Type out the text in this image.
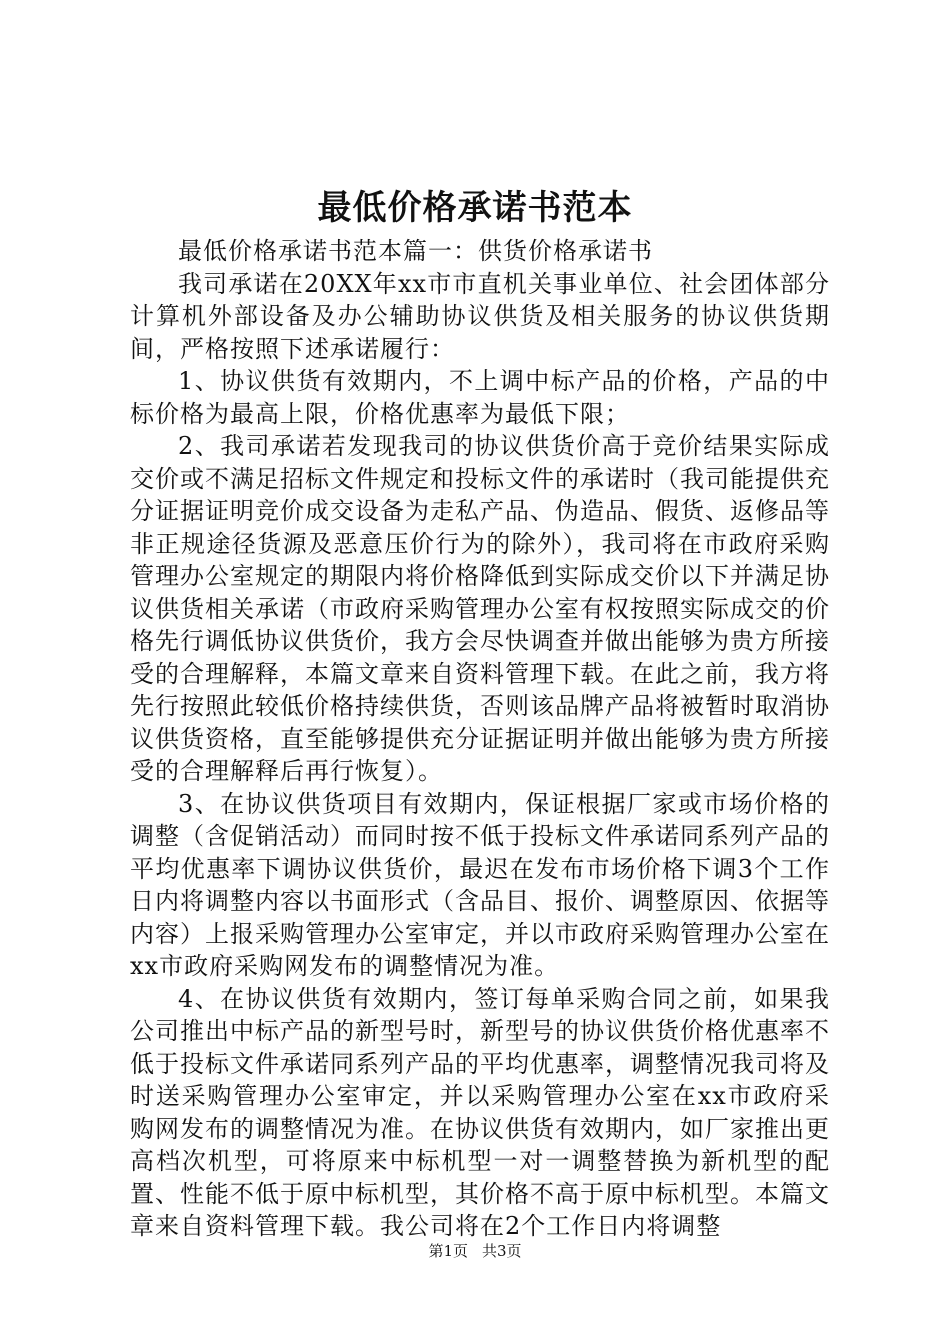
最低价格承诺书范本

最低价格承诺书范本篇一：供货价格承诺书

我司承诺在20XX年xx市市直机关事业单位、社会团体部分计算机外部设备及办公辅助协议供货及相关服务的协议供货期间，严格按照下述承诺履行：

1、协议供货有效期内，不上调中标产品的价格，产品的中标价格为最高上限，价格优惠率为最低下限；

2、我司承诺若发现我司的协议供货价高于竞价结果实际成交价或不满足招标文件规定和投标文件的承诺时（我司能提供充分证据证明竞价成交设备为走私产品、伪造品、假货、返修品等非正规途径货源及恶意压价行为的除外），我司将在市政府采购管理办公室规定的期限内将价格降低到实际成交价以下并满足协议供货相关承诺（市政府采购管理办公室有权按照实际成交的价格先行调低协议供货价，我方会尽快调查并做出能够为贵方所接受的合理解释，本篇文章来自资料管理下载。在此之前，我方将先行按照此较低价格持续供货，否则该品牌产品将被暂时取消协议供货资格，直至能够提供充分证据证明并做出能够为贵方所接受的合理解释后再行恢复）。

3、在协议供货项目有效期内，保证根据厂家或市场价格的调整（含促销活动）而同时按不低于投标文件承诺同系列产品的平均优惠率下调协议供货价，最迟在发布市场价格下调3个工作日内将调整内容以书面形式（含品目、报价、调整原因、依据等内容）上报采购管理办公室审定，并以市政府采购管理办公室在xx市政府采购网发布的调整情况为准。

4、在协议供货有效期内，签订每单采购合同之前，如果我公司推出中标产品的新型号时，新型号的协议供货价格优惠率不低于投标文件承诺同系列产品的平均优惠率，调整情况我司将及时送采购管理办公室审定，并以采购管理办公室在xx市政府采购网发布的调整情况为准。在协议供货有效期内，如厂家推出更高档次机型，可将原来中标机型一对一调整替换为新机型的配置、性能不低于原中标机型，其价格不高于原中标机型。本篇文章来自资料管理下载。我公司将在2个工作日内将调整

第1页 共3页
